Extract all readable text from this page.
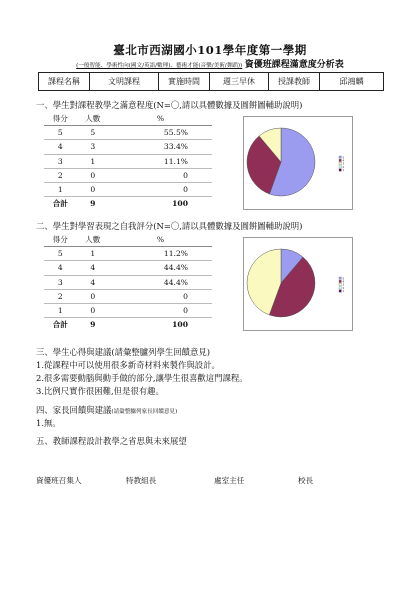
臺北市西湖國小101學年度第一學期
(一般智能、學術性向(國文/英語/數理)、藝術才能(音樂/美術/舞蹈)) 資優班課程滿意度分析表
課程名稱	文明課程	實施時間	週三早休	授課教師	邱鴻麟
一、學生對課程教學之滿意程度(N=〇,請以具體數據及圓餅圖輔助說明)
得分	人數	%
5	5	55.5%
4	3	33.4%
3	1	11.1%
2	0	0
1	0	0
合計	9	100
5
4
3
2
1
二、學生對學習表現之自我評分(N=〇,請以具體數據及圓餅圖輔助說明)
得分	人數	%
5	1	11.2%
4	4	44.4%
3	4	44.4%
2	0	0
1	0	0
合計	9	100
5
4
3
2
1
三、學生心得與建議(請彙整臚列學生回饋意見)
1.從課程中可以使用很多新奇材料來製作與設計。
2.很多需要動腦與動手做的部分,讓學生很喜歡這門課程。
3.比例尺實作很困難,但是很有趣。
四、家長回饋與建議(請彙整臚列家長回饋意見)
1.無。
五、教師課程設計教學之省思與未來展望
資優班召集人	特教組長	處室主任	校長
